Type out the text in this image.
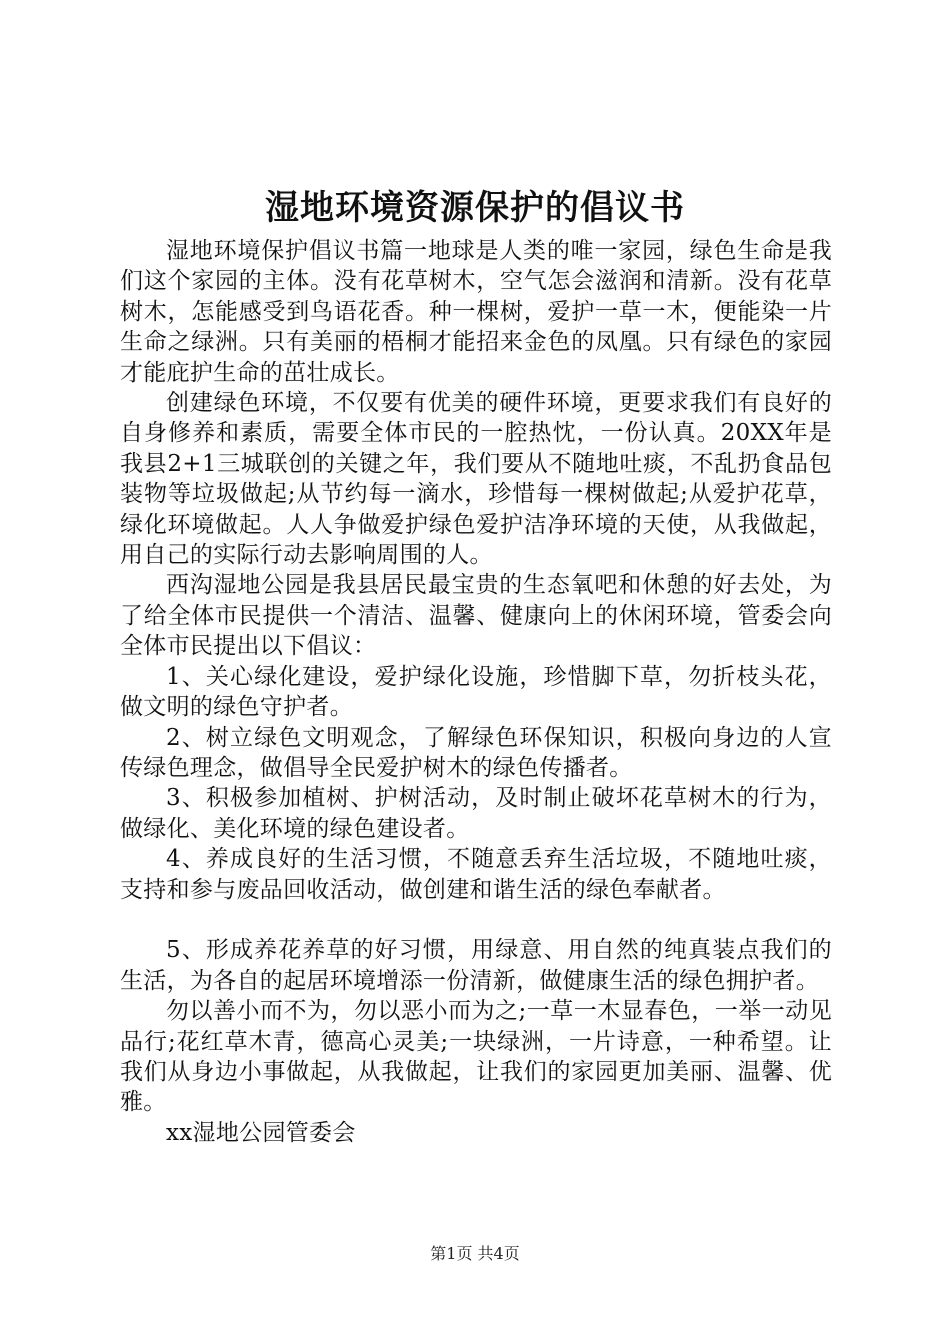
湿地环境资源保护的倡议书

湿地环境保护倡议书篇一地球是人类的唯一家园，绿色生命是我们这个家园的主体。没有花草树木，空气怎会滋润和清新。没有花草树木，怎能感受到鸟语花香。种一棵树，爱护一草一木，便能染一片生命之绿洲。只有美丽的梧桐才能招来金色的凤凰。只有绿色的家园才能庇护生命的茁壮成长。

创建绿色环境，不仅要有优美的硬件环境，更要求我们有良好的自身修养和素质，需要全体市民的一腔热忱，一份认真。20XX年是我县2+1三城联创的关键之年，我们要从不随地吐痰，不乱扔食品包装物等垃圾做起;从节约每一滴水，珍惜每一棵树做起;从爱护花草，绿化环境做起。人人争做爱护绿色爱护洁净环境的天使，从我做起，用自己的实际行动去影响周围的人。

西沟湿地公园是我县居民最宝贵的生态氧吧和休憩的好去处，为了给全体市民提供一个清洁、温馨、健康向上的休闲环境，管委会向全体市民提出以下倡议：

1、关心绿化建设，爱护绿化设施，珍惜脚下草，勿折枝头花，做文明的绿色守护者。

2、树立绿色文明观念，了解绿色环保知识，积极向身边的人宣传绿色理念，做倡导全民爱护树木的绿色传播者。

3、积极参加植树、护树活动，及时制止破坏花草树木的行为，做绿化、美化环境的绿色建设者。

4、养成良好的生活习惯，不随意丢弃生活垃圾，不随地吐痰，支持和参与废品回收活动，做创建和谐生活的绿色奉献者。

5、形成养花养草的好习惯，用绿意、用自然的纯真装点我们的生活，为各自的起居环境增添一份清新，做健康生活的绿色拥护者。

勿以善小而不为，勿以恶小而为之;一草一木显春色，一举一动见品行;花红草木青，德高心灵美;一块绿洲，一片诗意，一种希望。让我们从身边小事做起，从我做起，让我们的家园更加美丽、温馨、优雅。

xx湿地公园管委会

第1页 共4页
